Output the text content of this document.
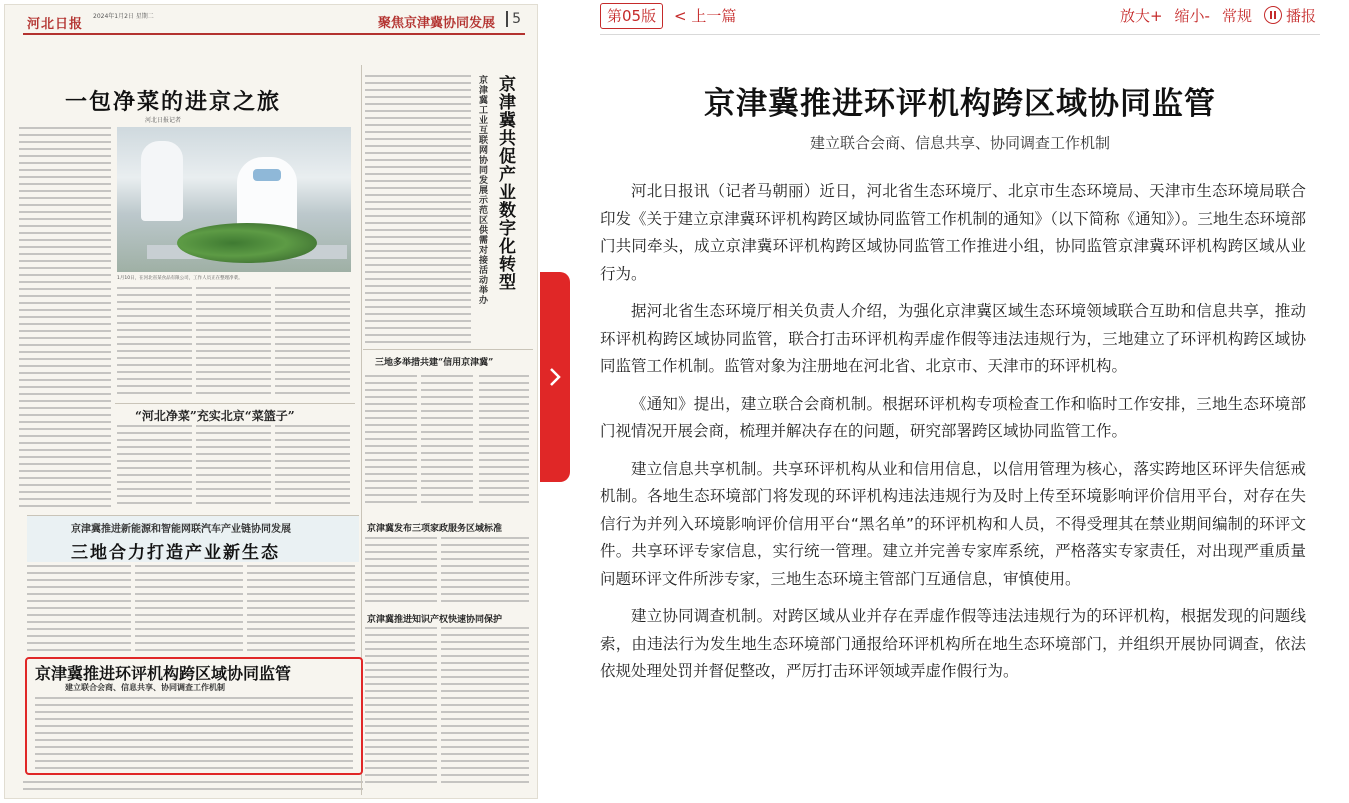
河北日报
2024年1月2日 星期二	聚焦京津冀协同发展	5
一包净菜的进京之旅
河北日报记者	京津冀共促产业数字化转型
京津冀工业互联网协同发展示范区供需对接活动举办
1月10日，在河北省某食品有限公司，工作人员正在整理净菜。
三地多举措共建“信用京津冀”
“河北净菜”充实北京“菜篮子”
京津冀推进新能源和智能网联汽车产业链协同发展
三地合力打造产业新生态
京津冀发布三项家政服务区域标准
京津冀推进知识产权快速协同保护
京津冀推进环评机构跨区域协同监管
建立联合会商、信息共享、协同调查工作机制
第05版	< 上一篇	放大+ 缩小- 常规	播报
京津冀推进环评机构跨区域协同监管
建立联合会商、信息共享、协同调查工作机制

河北日报讯（记者马朝丽）近日，河北省生态环境厅、北京市生态环境局、天津市生态环境局联合印发《关于建立京津冀环评机构跨区域协同监管工作机制的通知》（以下简称《通知》）。三地生态环境部门共同牵头，成立京津冀环评机构跨区域协同监管工作推进小组，协同监管京津冀环评机构跨区域从业行为。

据河北省生态环境厅相关负责人介绍，为强化京津冀区域生态环境领域联合互助和信息共享，推动环评机构跨区域协同监管，联合打击环评机构弄虚作假等违法违规行为，三地建立了环评机构跨区域协同监管工作机制。监管对象为注册地在河北省、北京市、天津市的环评机构。

《通知》提出，建立联合会商机制。根据环评机构专项检查工作和临时工作安排，三地生态环境部门视情况开展会商，梳理并解决存在的问题，研究部署跨区域协同监管工作。

建立信息共享机制。共享环评机构从业和信用信息，以信用管理为核心，落实跨地区环评失信惩戒机制。各地生态环境部门将发现的环评机构违法违规行为及时上传至环境影响评价信用平台，对存在失信行为并列入环境影响评价信用平台“黑名单”的环评机构和人员，不得受理其在禁业期间编制的环评文件。共享环评专家信息，实行统一管理。建立并完善专家库系统，严格落实专家责任，对出现严重质量问题环评文件所涉专家，三地生态环境主管部门互通信息，审慎使用。

建立协同调查机制。对跨区域从业并存在弄虚作假等违法违规行为的环评机构，根据发现的问题线索，由违法行为发生地生态环境部门通报给环评机构所在地生态环境部门，并组织开展协同调查，依法依规处理处罚并督促整改，严厉打击环评领域弄虚作假行为。
